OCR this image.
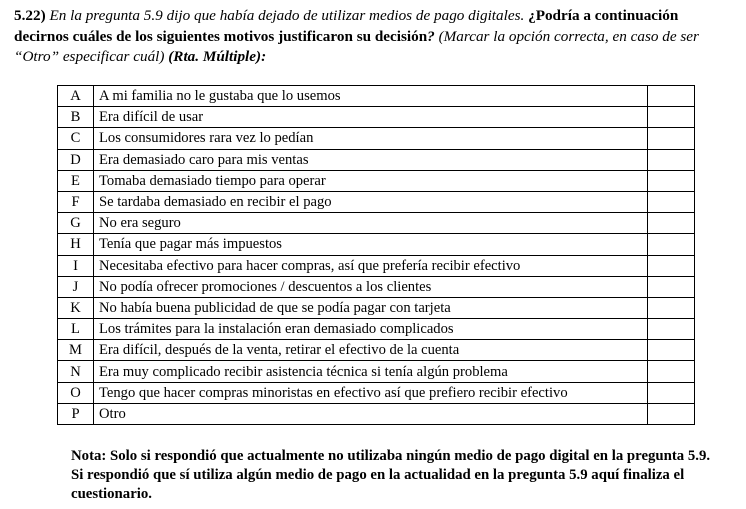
5.22) En la pregunta 5.9 dijo que había dejado de utilizar medios de pago digitales. ¿Podría a continuación decirnos cuáles de los siguientes motivos justificaron su decisión? (Marcar la opción correcta, en caso de ser “Otro” especificar cuál) (Rta. Múltiple):

A	A mi familia no le gustaba que lo usemos	
B	Era difícil de usar	
C	Los consumidores rara vez lo pedían	
D	Era demasiado caro para mis ventas	
E	Tomaba demasiado tiempo para operar	
F	Se tardaba demasiado en recibir el pago	
G	No era seguro	
H	Tenía que pagar más impuestos	
I	Necesitaba efectivo para hacer compras, así que prefería recibir efectivo	
J	No podía ofrecer promociones / descuentos a los clientes	
K	No había buena publicidad de que se podía pagar con tarjeta	
L	Los trámites para la instalación eran demasiado complicados	
M	Era difícil, después de la venta, retirar el efectivo de la cuenta	
N	Era muy complicado recibir asistencia técnica si tenía algún problema	
O	Tengo que hacer compras minoristas en efectivo así que prefiero recibir efectivo	
P	Otro	

Nota: Solo si respondió que actualmente no utilizaba ningún medio de pago digital en la pregunta 5.9. Si respondió que sí utiliza algún medio de pago en la actualidad en la pregunta 5.9 aquí finaliza el cuestionario.
